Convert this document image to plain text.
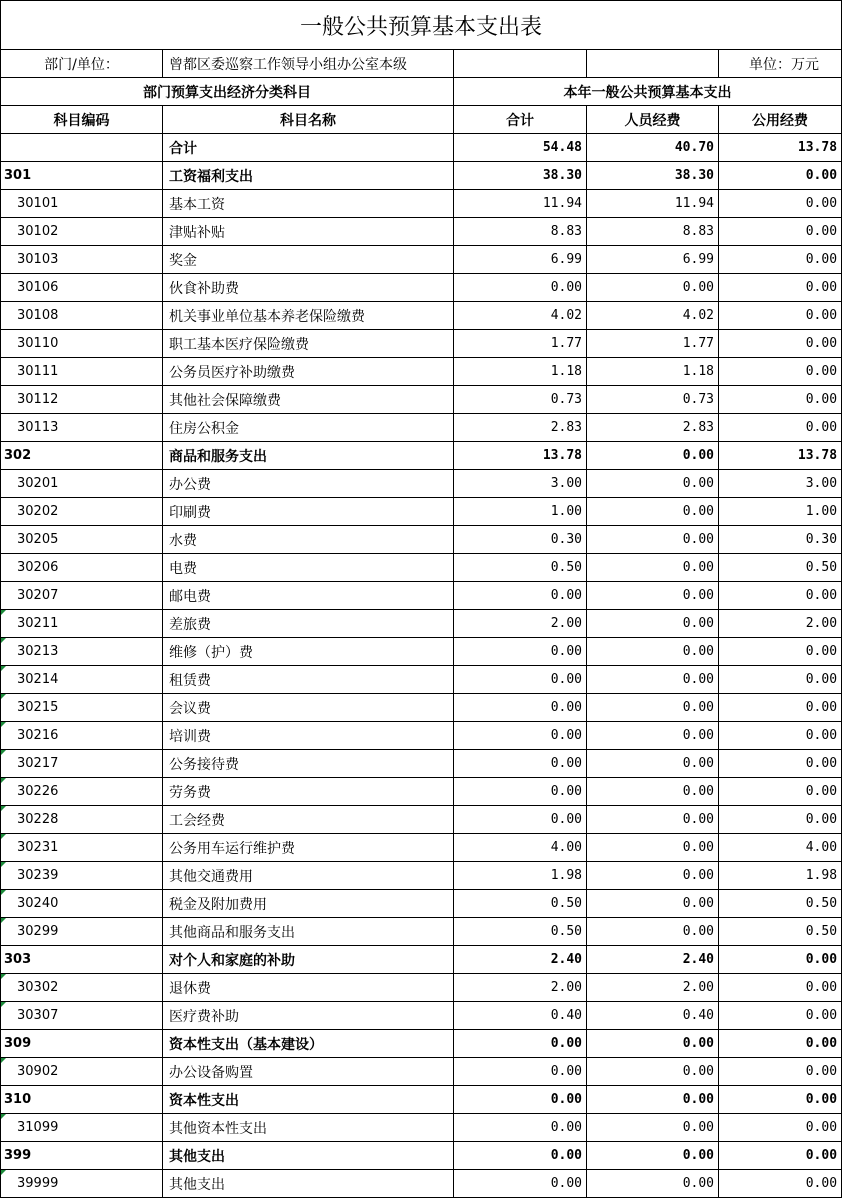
一般公共预算基本支出表				
部门/单位：	曾都区委巡察工作领导小组办公室本级			单位：万元
部门预算支出经济分类科目		本年一般公共预算基本支出		
科目编码	科目名称	合计	人员经费	公用经费
	合计	54.48	40.70	13.78
301	工资福利支出	38.30	38.30	0.00
30101	基本工资	11.94	11.94	0.00
30102	津贴补贴	8.83	8.83	0.00
30103	奖金	6.99	6.99	0.00
30106	伙食补助费	0.00	0.00	0.00
30108	机关事业单位基本养老保险缴费	4.02	4.02	0.00
30110	职工基本医疗保险缴费	1.77	1.77	0.00
30111	公务员医疗补助缴费	1.18	1.18	0.00
30112	其他社会保障缴费	0.73	0.73	0.00
30113	住房公积金	2.83	2.83	0.00
302	商品和服务支出	13.78	0.00	13.78
30201	办公费	3.00	0.00	3.00
30202	印刷费	1.00	0.00	1.00
30205	水费	0.30	0.00	0.30
30206	电费	0.50	0.00	0.50
30207	邮电费	0.00	0.00	0.00
30211	差旅费	2.00	0.00	2.00
30213	维修（护）费	0.00	0.00	0.00
30214	租赁费	0.00	0.00	0.00
30215	会议费	0.00	0.00	0.00
30216	培训费	0.00	0.00	0.00
30217	公务接待费	0.00	0.00	0.00
30226	劳务费	0.00	0.00	0.00
30228	工会经费	0.00	0.00	0.00
30231	公务用车运行维护费	4.00	0.00	4.00
30239	其他交通费用	1.98	0.00	1.98
30240	税金及附加费用	0.50	0.00	0.50
30299	其他商品和服务支出	0.50	0.00	0.50
303	对个人和家庭的补助	2.40	2.40	0.00
30302	退休费	2.00	2.00	0.00
30307	医疗费补助	0.40	0.40	0.00
309	资本性支出（基本建设）	0.00	0.00	0.00
30902	办公设备购置	0.00	0.00	0.00
310	资本性支出	0.00	0.00	0.00
31099	其他资本性支出	0.00	0.00	0.00
399	其他支出	0.00	0.00	0.00
39999	其他支出	0.00	0.00	0.00
